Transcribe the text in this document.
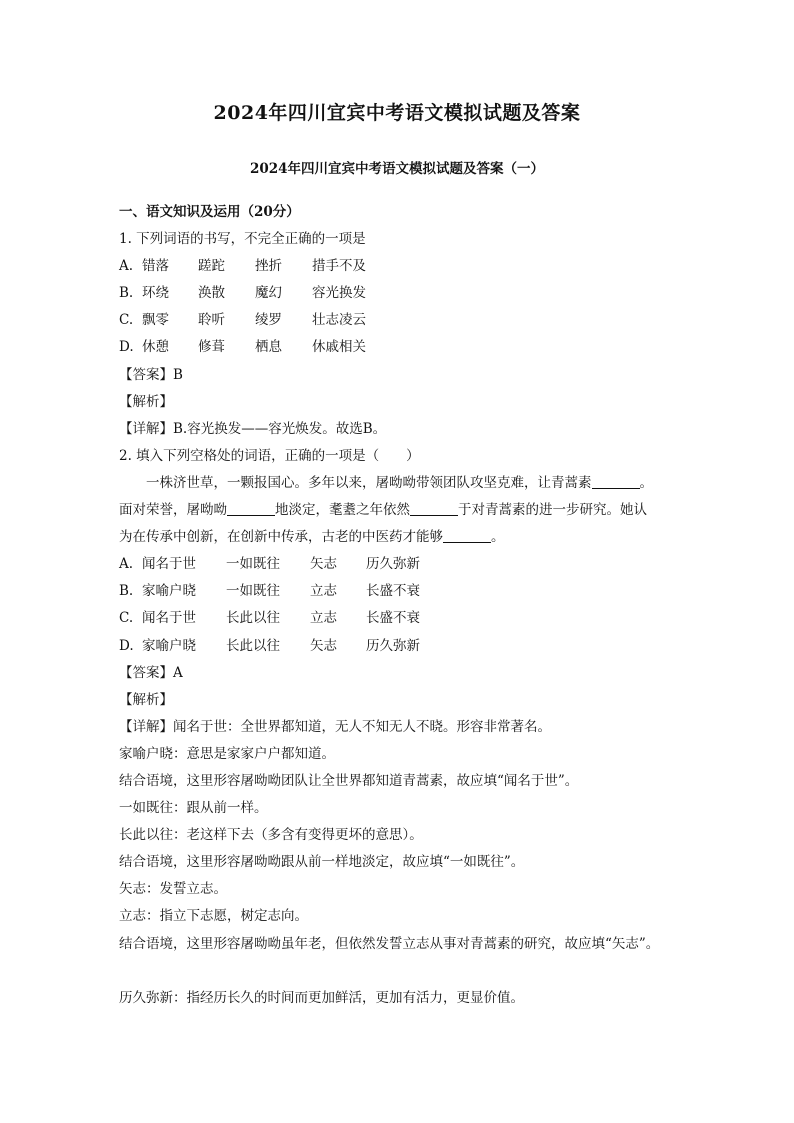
2024年四川宜宾中考语文模拟试题及答案
2024年四川宜宾中考语文模拟试题及答案（一）
一、语文知识及运用（20分）
1. 下列词语的书写，不完全正确的一项是
A. 错落 蹉跎 挫折 措手不及
B. 环绕 涣散 魔幻 容光换发
C. 飘零 聆听 绫罗 壮志凌云
D. 休憩 修葺 栖息 休戚相关
【答案】B
【解析】
【详解】B.容光换发——容光焕发。故选B。
2. 填入下列空格处的词语，正确的一项是（　　）
一株济世草，一颗报国心。多年以来，屠呦呦带领团队攻坚克难，让青蒿素	。
面对荣誉，屠呦呦	地淡定，耄耋之年依然	于对青蒿素的进一步研究。她认
为在传承中创新，在创新中传承，古老的中医药才能够	。
A. 闻名于世 一如既往 矢志 历久弥新
B. 家喻户晓 一如既往 立志 长盛不衰
C. 闻名于世 长此以往 立志 长盛不衰
D. 家喻户晓 长此以往 矢志 历久弥新
【答案】A
【解析】
【详解】闻名于世：全世界都知道，无人不知无人不晓。形容非常著名。
家喻户晓：意思是家家户户都知道。
结合语境，这里形容屠呦呦团队让全世界都知道青蒿素，故应填“闻名于世”。
一如既往：跟从前一样。
长此以往：老这样下去（多含有变得更坏的意思）。
结合语境，这里形容屠呦呦跟从前一样地淡定，故应填“一如既往”。
矢志：发誓立志。
立志：指立下志愿，树定志向。
结合语境，这里形容屠呦呦虽年老，但依然发誓立志从事对青蒿素的研究，故应填“矢志”。
历久弥新：指经历长久的时间而更加鲜活，更加有活力，更显价值。
